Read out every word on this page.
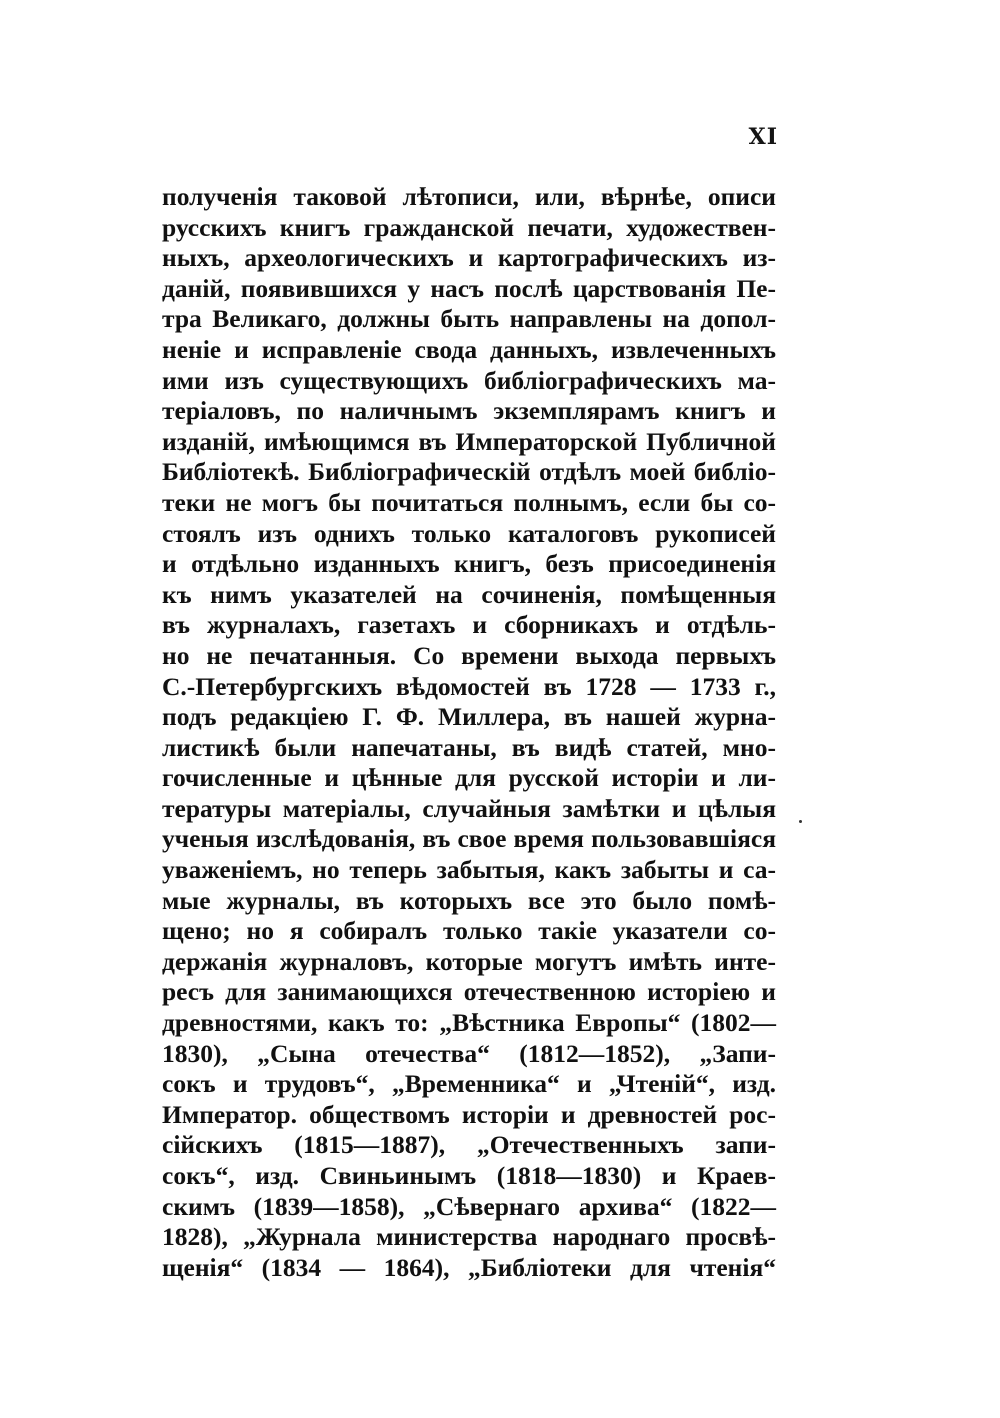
XI
полученія таковой лѣтописи, или, вѣрнѣе, описи
русскихъ книгъ гражданской печати, художествен-
ныхъ, археологическихъ и картографическихъ из-
даній, появившихся у насъ послѣ царствованія Пе-
тра Великаго, должны быть направлены на допол-
неніе и исправленіе свода данныхъ, извлеченныхъ
ими изъ существующихъ библіографическихъ ма-
теріаловъ, по наличнымъ экземплярамъ книгъ и
изданій, имѣющимся въ Императорской Публичной
Библіотекѣ. Библіографическій отдѣлъ моей библіо-
теки не могъ бы почитаться полнымъ, если бы со-
стоялъ изъ однихъ только каталоговъ рукописей
и отдѣльно изданныхъ книгъ, безъ присоединенія
къ нимъ указателей на сочиненія, помѣщенныя
въ журналахъ, газетахъ и сборникахъ и отдѣль-
но не печатанныя. Со времени выхода первыхъ
С.-Петербургскихъ вѣдомостей въ 1728 — 1733 г.,
подъ редакціею Г. Ф. Миллера, въ нашей журна-
листикѣ были напечатаны, въ видѣ статей, мно-
гочисленные и цѣнные для русской исторіи и ли-
тературы матеріалы, случайныя замѣтки и цѣлыя
ученыя изслѣдованія, въ свое время пользовавшіяся
уваженіемъ, но теперь забытыя, какъ забыты и са-
мые журналы, въ которыхъ все это было помѣ-
щено; но я собиралъ только такіе указатели со-
держанія журналовъ, которые могутъ имѣть инте-
ресъ для занимающихся отечественною исторіею и
древностями, какъ то: „Вѣстника Европы“ (1802—
1830), „Сына отечества“ (1812—1852), „Запи-
сокъ и трудовъ“, „Временника“ и „Чтеній“, изд.
Император. обществомъ исторіи и древностей рос-
сійскихъ (1815—1887), „Отечественныхъ запи-
сокъ“, изд. Свиньинымъ (1818—1830) и Краев-
скимъ (1839—1858), „Сѣвернаго архива“ (1822—
1828), „Журнала министерства народнаго просвѣ-
щенія“ (1834 — 1864), „Библіотеки для чтенія“
